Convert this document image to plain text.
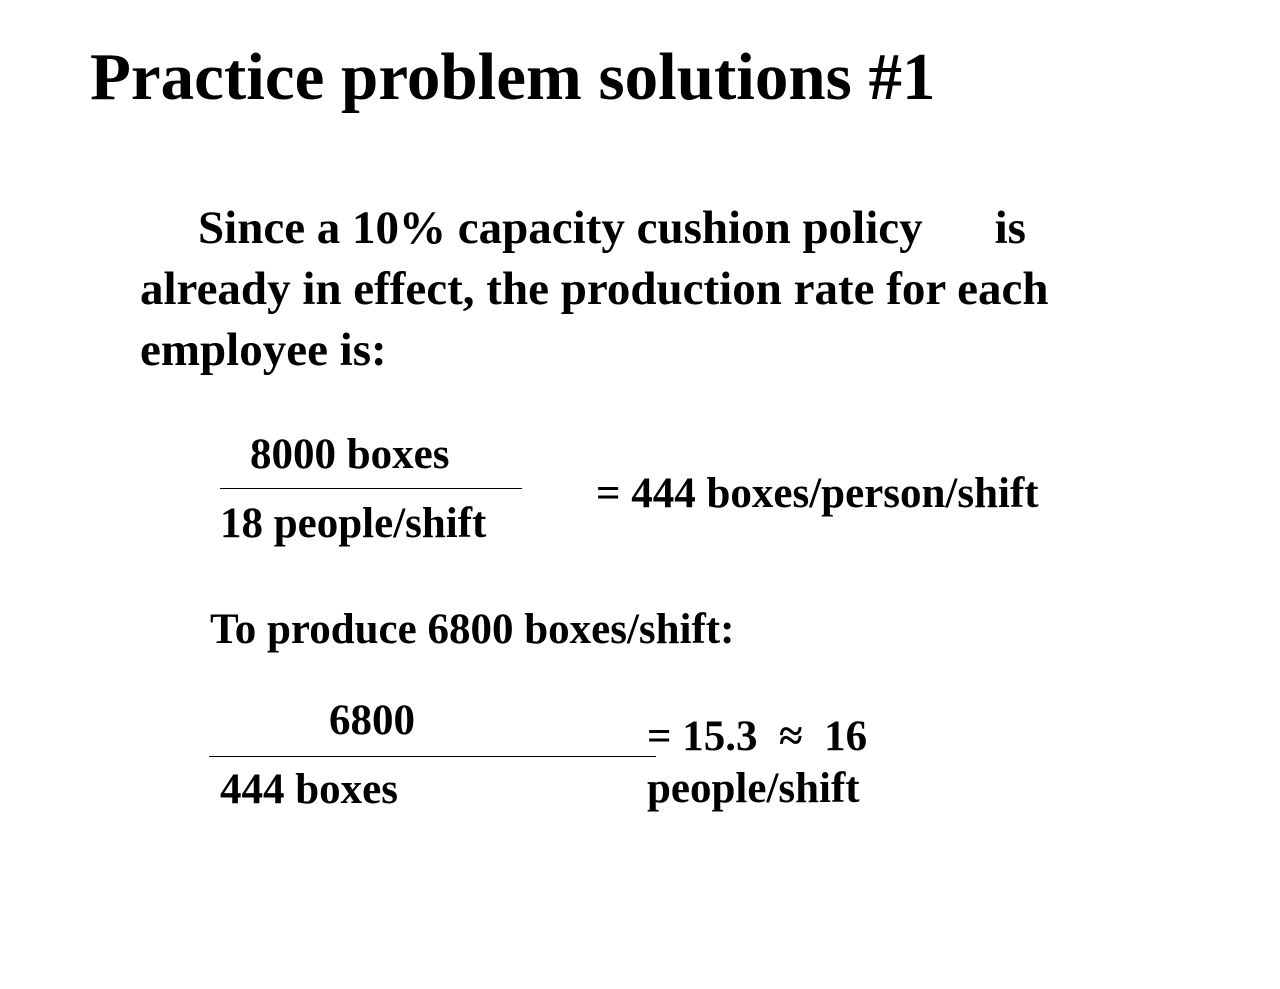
Practice problem solutions #1
Since a 10% capacity cushion policy is
already in effect, the production rate for each
employee is:
8000 boxes
18 people/shift
= 444 boxes/person/shift
To produce 6800 boxes/shift:
6800
444 boxes
= 15.3  ≈  16
people/shift
